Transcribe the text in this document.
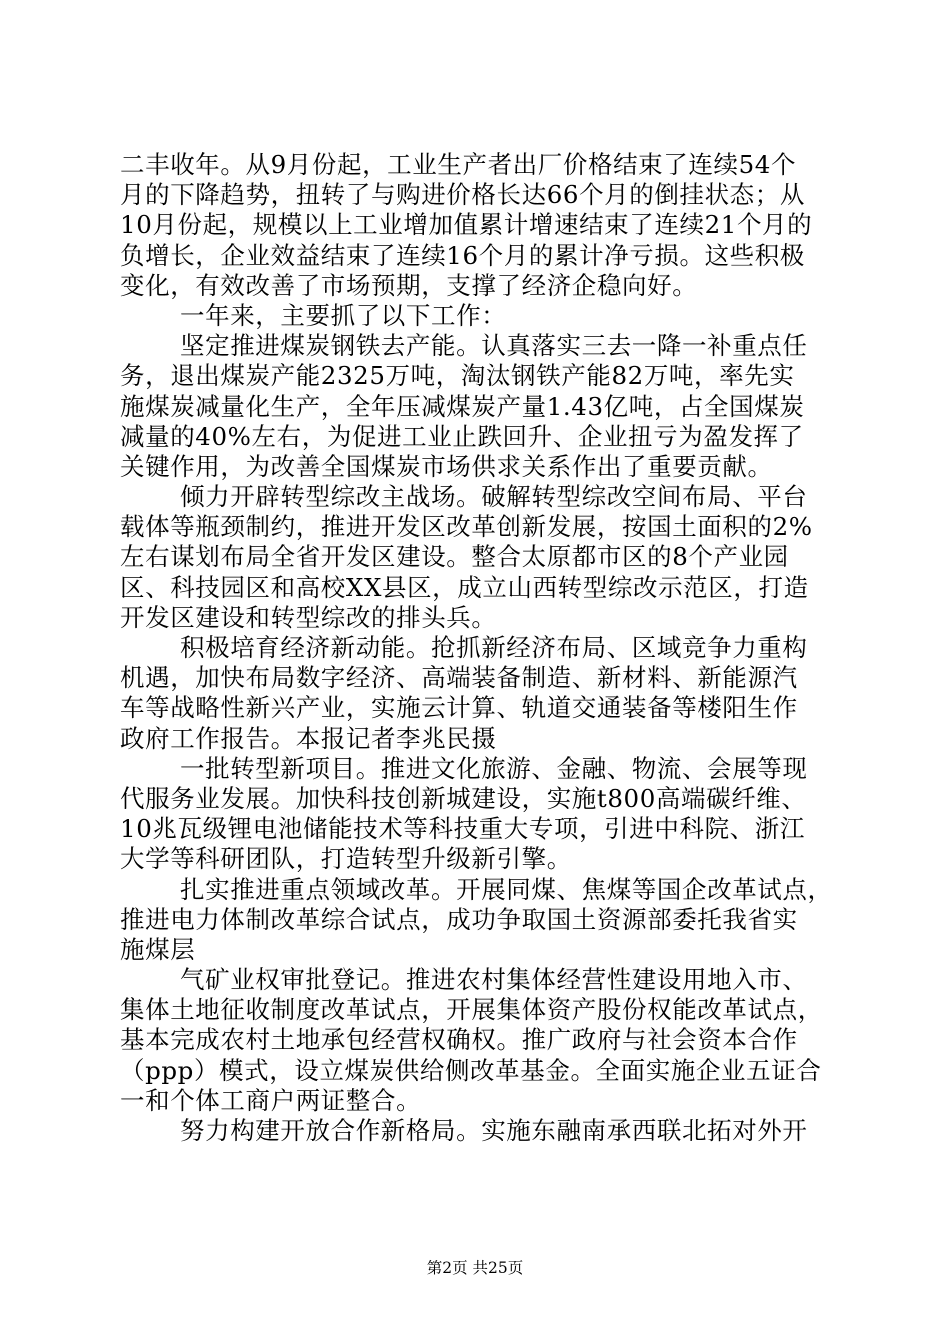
二丰收年。从9月份起，工业生产者出厂价格结束了连续54个
月的下降趋势，扭转了与购进价格长达66个月的倒挂状态；从
10月份起，规模以上工业增加值累计增速结束了连续21个月的
负增长，企业效益结束了连续16个月的累计净亏损。这些积极
变化，有效改善了市场预期，支撑了经济企稳向好。
一年来，主要抓了以下工作：
坚定推进煤炭钢铁去产能。认真落实三去一降一补重点任
务，退出煤炭产能2325万吨，淘汰钢铁产能82万吨，率先实
施煤炭减量化生产，全年压减煤炭产量1.43亿吨，占全国煤炭
减量的40%左右，为促进工业止跌回升、企业扭亏为盈发挥了
关键作用，为改善全国煤炭市场供求关系作出了重要贡献。
倾力开辟转型综改主战场。破解转型综改空间布局、平台
载体等瓶颈制约，推进开发区改革创新发展，按国土面积的2%
左右谋划布局全省开发区建设。整合太原都市区的8个产业园
区、科技园区和高校XX县区，成立山西转型综改示范区，打造
开发区建设和转型综改的排头兵。
积极培育经济新动能。抢抓新经济布局、区域竞争力重构
机遇，加快布局数字经济、高端装备制造、新材料、新能源汽
车等战略性新兴产业，实施云计算、轨道交通装备等楼阳生作
政府工作报告。本报记者李兆民摄
一批转型新项目。推进文化旅游、金融、物流、会展等现
代服务业发展。加快科技创新城建设，实施t800高端碳纤维、
10兆瓦级锂电池储能技术等科技重大专项，引进中科院、浙江
大学等科研团队，打造转型升级新引擎。
扎实推进重点领域改革。开展同煤、焦煤等国企改革试点，
推进电力体制改革综合试点，成功争取国土资源部委托我省实
施煤层
气矿业权审批登记。推进农村集体经营性建设用地入市、
集体土地征收制度改革试点，开展集体资产股份权能改革试点，
基本完成农村土地承包经营权确权。推广政府与社会资本合作
（ppp）模式，设立煤炭供给侧改革基金。全面实施企业五证合
一和个体工商户两证整合。
努力构建开放合作新格局。实施东融南承西联北拓对外开
第2页 共25页
